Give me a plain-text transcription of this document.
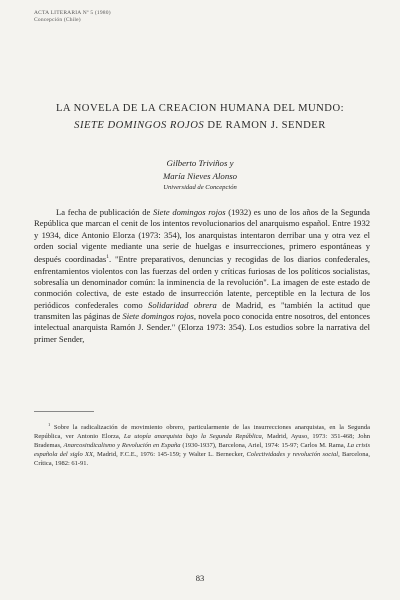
ACTA LITERARIA Nº 5 (1980)
Concepción (Chile)
LA NOVELA DE LA CREACION HUMANA DEL MUNDO:
SIETE DOMINGOS ROJOS DE RAMON J. SENDER
Gilberto Triviños y
María Nieves Alonso
Universidad de Concepción

La fecha de publicación de Siete domingos rojos (1932) es uno de los años de la Segunda República que marcan el cenit de los intentos revolucionarios del anarquismo español. Entre 1932 y 1934, dice Antonio Elorza (1973: 354), los anarquistas intentaron derribar una y otra vez el orden social vigente mediante una serie de huelgas e insurrecciones, primero espontáneas y después coordinadas$^1$. "Entre preparativos, denuncias y recogidas de los diarios confederales, enfrentamientos violentos con las fuerzas del orden y críticas furiosas de los políticos socialistas, sobresalía un denominador común: la inminencia de la revolución". La imagen de este estado de conmoción colectiva, de este estado de insurrección latente, perceptible en la lectura de los periódicos confederales como Solidaridad obrera de Madrid, es "también la actitud que transmiten las páginas de Siete domingos rojos, novela poco conocida entre nosotros, del entonces intelectual anarquista Ramón J. Sender." (Elorza 1973: 354). Los estudios sobre la narrativa del primer Sender,

$^1$ Sobre la radicalización de movimiento obrero, particularmente de las insurrecciones anarquistas, en la Segunda República, ver Antonio Elorza, La utopía anarquista bajo la Segunda República, Madrid, Ayuso, 1973: 351-468; John Brademas, Anarcosindicalismo y Revolución en España (1930-1937), Barcelona, Ariel, 1974: 15-97; Carlos M. Rama, La crisis española del siglo XX, Madrid, F.C.E., 1976: 145-159; y Walter L. Bernecker, Colectividades y revolución social, Barcelona, Crítica, 1982: 61-91.

83
